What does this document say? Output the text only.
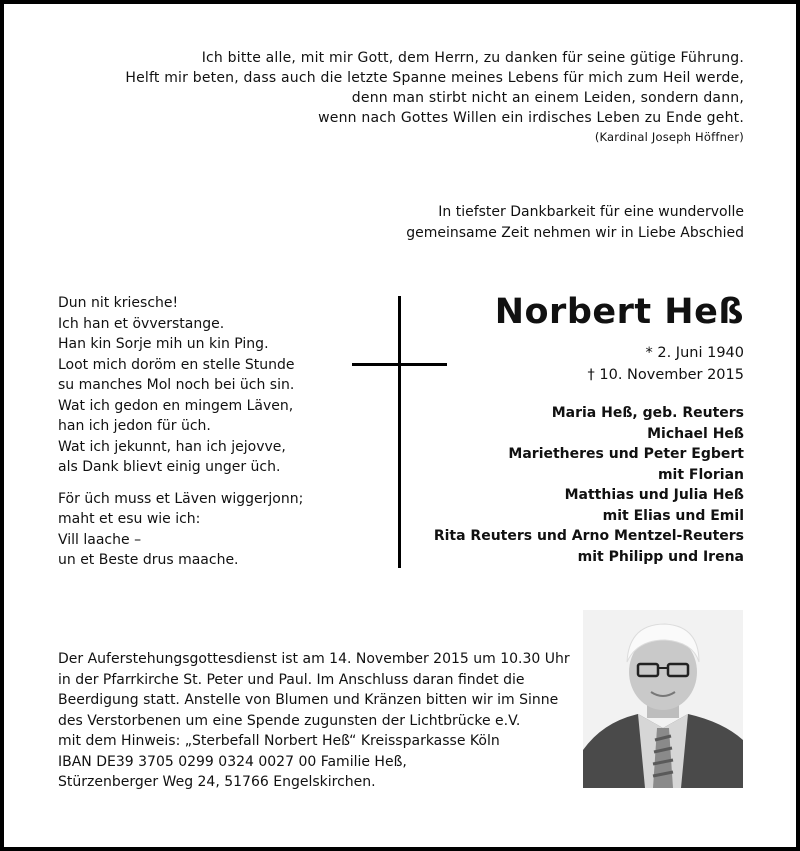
Ich bitte alle, mit mir Gott, dem Herrn, zu danken für seine gütige Führung.
Helft mir beten, dass auch die letzte Spanne meines Lebens für mich zum Heil werde,
denn man stirbt nicht an einem Leiden, sondern dann,
wenn nach Gottes Willen ein irdisches Leben zu Ende geht.
(Kardinal Joseph Höffner)
In tiefster Dankbarkeit für eine wundervolle
gemeinsame Zeit nehmen wir in Liebe Abschied
Dun nit kriesche!
Ich han et övverstange.
Han kin Sorje mih un kin Ping.
Loot mich doröm en stelle Stunde
su manches Mol noch bei üch sin.
Wat ich gedon en mingem Läven,
han ich jedon für üch.
Wat ich jekunnt, han ich jejovve,
als Dank blievt einig unger üch.
För üch muss et Läven wiggerjonn;
maht et esu wie ich:
Vill laache –
un et Beste drus maache.
Norbert Heß
* 2. Juni 1940
† 10. November 2015
Maria Heß, geb. Reuters
Michael Heß
Marietheres und Peter Egbert
mit Florian
Matthias und Julia Heß
mit Elias und Emil
Rita Reuters und Arno Mentzel-Reuters
mit Philipp und Irena
Der Auferstehungsgottesdienst ist am 14. November 2015 um 10.30 Uhr
in der Pfarrkirche St. Peter und Paul. Im Anschluss daran findet die
Beerdigung statt. Anstelle von Blumen und Kränzen bitten wir im Sinne
des Verstorbenen um eine Spende zugunsten der Lichtbrücke e.V.
mit dem Hinweis: „Sterbefall Norbert Heß“ Kreissparkasse Köln
IBAN DE39 3705 0299 0324 0027 00 Familie Heß,
Stürzenberger Weg 24, 51766 Engelskirchen.
